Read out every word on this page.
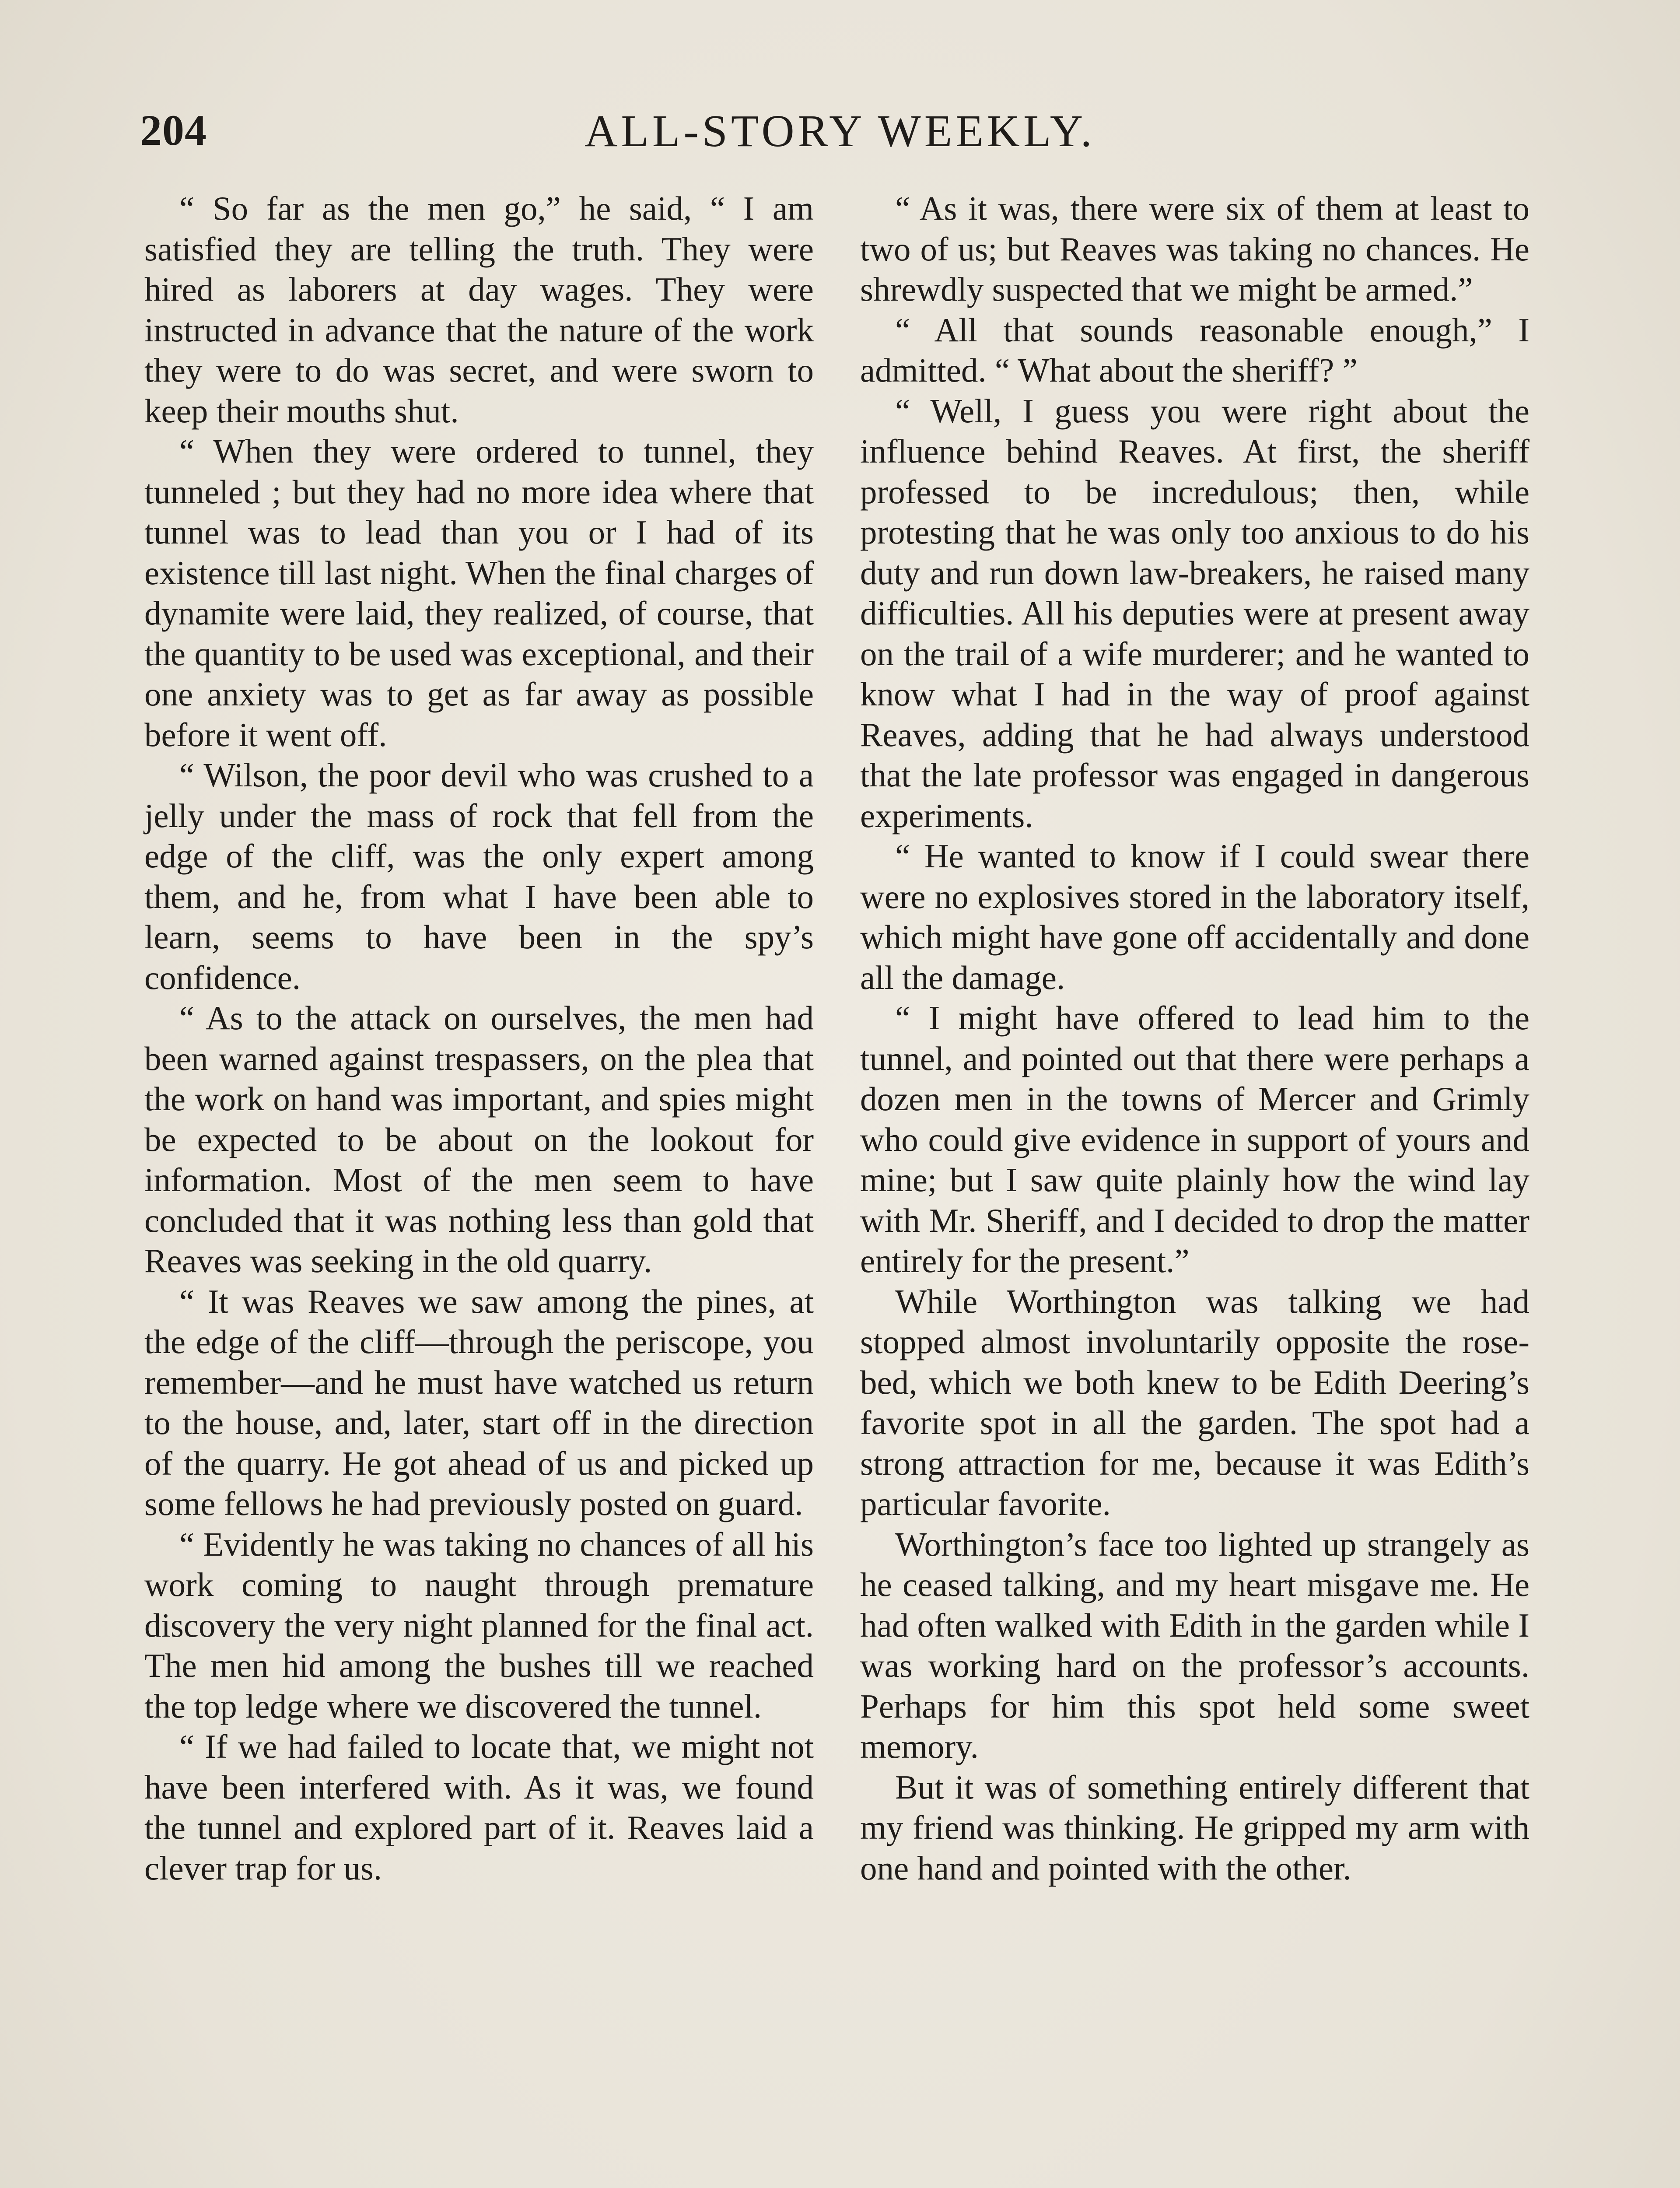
204	ALL-STORY WEEKLY.

“ So far as the men go,” he said, “ I am satisfied they are telling the truth. They were hired as laborers at day wages. They were instructed in advance that the nature of the work they were to do was secret, and were sworn to keep their mouths shut.

“ When they were ordered to tunnel, they tunneled ; but they had no more idea where that tunnel was to lead than you or I had of its existence till last night. When the final charges of dynamite were laid, they realized, of course, that the quantity to be used was exceptional, and their one anxiety was to get as far away as possible before it went off.

“ Wilson, the poor devil who was crushed to a jelly under the mass of rock that fell from the edge of the cliff, was the only expert among them, and he, from what I have been able to learn, seems to have been in the spy’s confidence.

“ As to the attack on ourselves, the men had been warned against trespassers, on the plea that the work on hand was important, and spies might be expected to be about on the lookout for information. Most of the men seem to have concluded that it was nothing less than gold that Reaves was seeking in the old quarry.

“ It was Reaves we saw among the pines, at the edge of the cliff—through the periscope, you remember—and he must have watched us return to the house, and, later, start off in the direction of the quarry. He got ahead of us and picked up some fellows he had previously posted on guard.

“ Evidently he was taking no chances of all his work coming to naught through premature discovery the very night planned for the final act. The men hid among the bushes till we reached the top ledge where we discovered the tunnel.

“ If we had failed to locate that, we might not have been interfered with. As it was, we found the tunnel and explored part of it. Reaves laid a clever trap for us.

“ As it was, there were six of them at least to two of us; but Reaves was taking no chances. He shrewdly suspected that we might be armed.”

“ All that sounds reasonable enough,” I admitted. “ What about the sheriff? ”

“ Well, I guess you were right about the influence behind Reaves. At first, the sheriff professed to be incredulous; then, while protesting that he was only too anxious to do his duty and run down law-breakers, he raised many difficulties. All his deputies were at present away on the trail of a wife murderer; and he wanted to know what I had in the way of proof against Reaves, adding that he had always understood that the late professor was engaged in dangerous experiments.

“ He wanted to know if I could swear there were no explosives stored in the laboratory itself, which might have gone off accidentally and done all the damage.

“ I might have offered to lead him to the tunnel, and pointed out that there were perhaps a dozen men in the towns of Mercer and Grimly who could give evidence in support of yours and mine; but I saw quite plainly how the wind lay with Mr. Sheriff, and I decided to drop the matter entirely for the present.”

While Worthington was talking we had stopped almost involuntarily opposite the rose-bed, which we both knew to be Edith Deering’s favorite spot in all the garden. The spot had a strong attraction for me, because it was Edith’s particular favorite.

Worthington’s face too lighted up strangely as he ceased talking, and my heart misgave me. He had often walked with Edith in the garden while I was working hard on the professor’s accounts. Perhaps for him this spot held some sweet memory.

But it was of something entirely different that my friend was thinking. He gripped my arm with one hand and pointed with the other.
